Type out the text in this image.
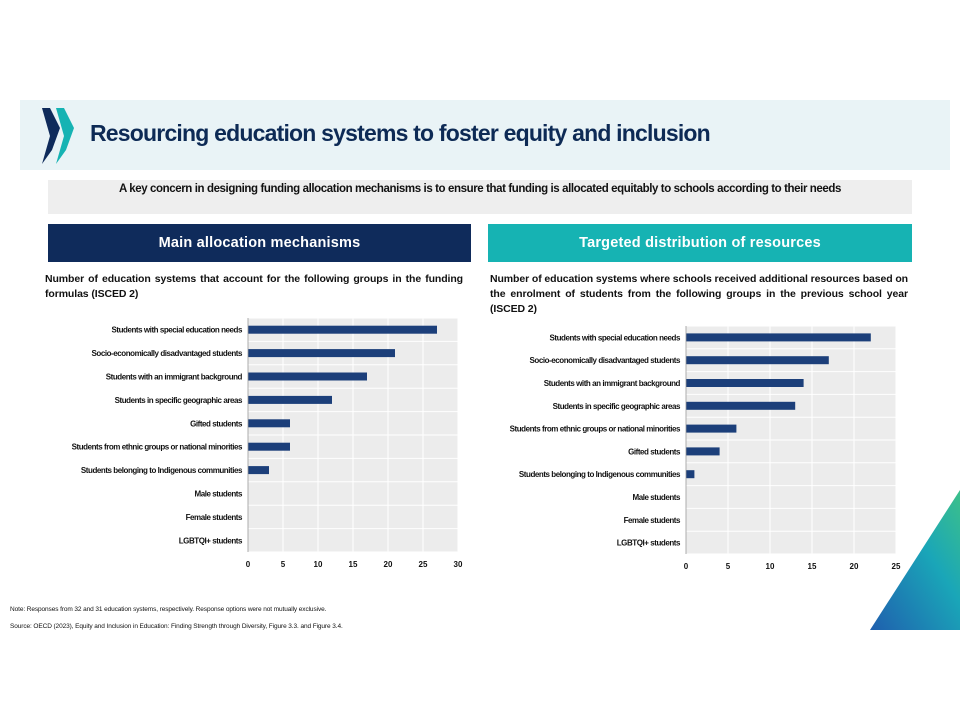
Resourcing education systems to foster equity and inclusion
A key concern in designing funding allocation mechanisms is to ensure that funding is allocated equitably to schools according to their needs
Main allocation mechanisms	Targeted distribution of resources
Number of education systems that account for the following groups in the funding formulas (ISCED 2)
Number of education systems where schools received additional resources based on the enrolment of students from the following groups in the previous school year (ISCED 2)
0	5	10	15	20	25	30
Students with special education needs
Socio-economically disadvantaged students
Students with an immigrant background
Students in specific geographic areas
Gifted students
Students from ethnic groups or national minorities
Students belonging to Indigenous communities
Male students
Female students
LGBTQI+ students
0	5	10	15	20	25
Students with special education needs
Socio-economically disadvantaged students
Students with an immigrant background
Students in specific geographic areas
Students from ethnic groups or national minorities
Gifted students
Students belonging to Indigenous communities
Male students
Female students
LGBTQI+ students
Note: Responses from 32 and 31 education systems, respectively. Response options were not mutually exclusive.
Source: OECD (2023), Equity and Inclusion in Education: Finding Strength through Diversity, Figure 3.3. and Figure 3.4.
